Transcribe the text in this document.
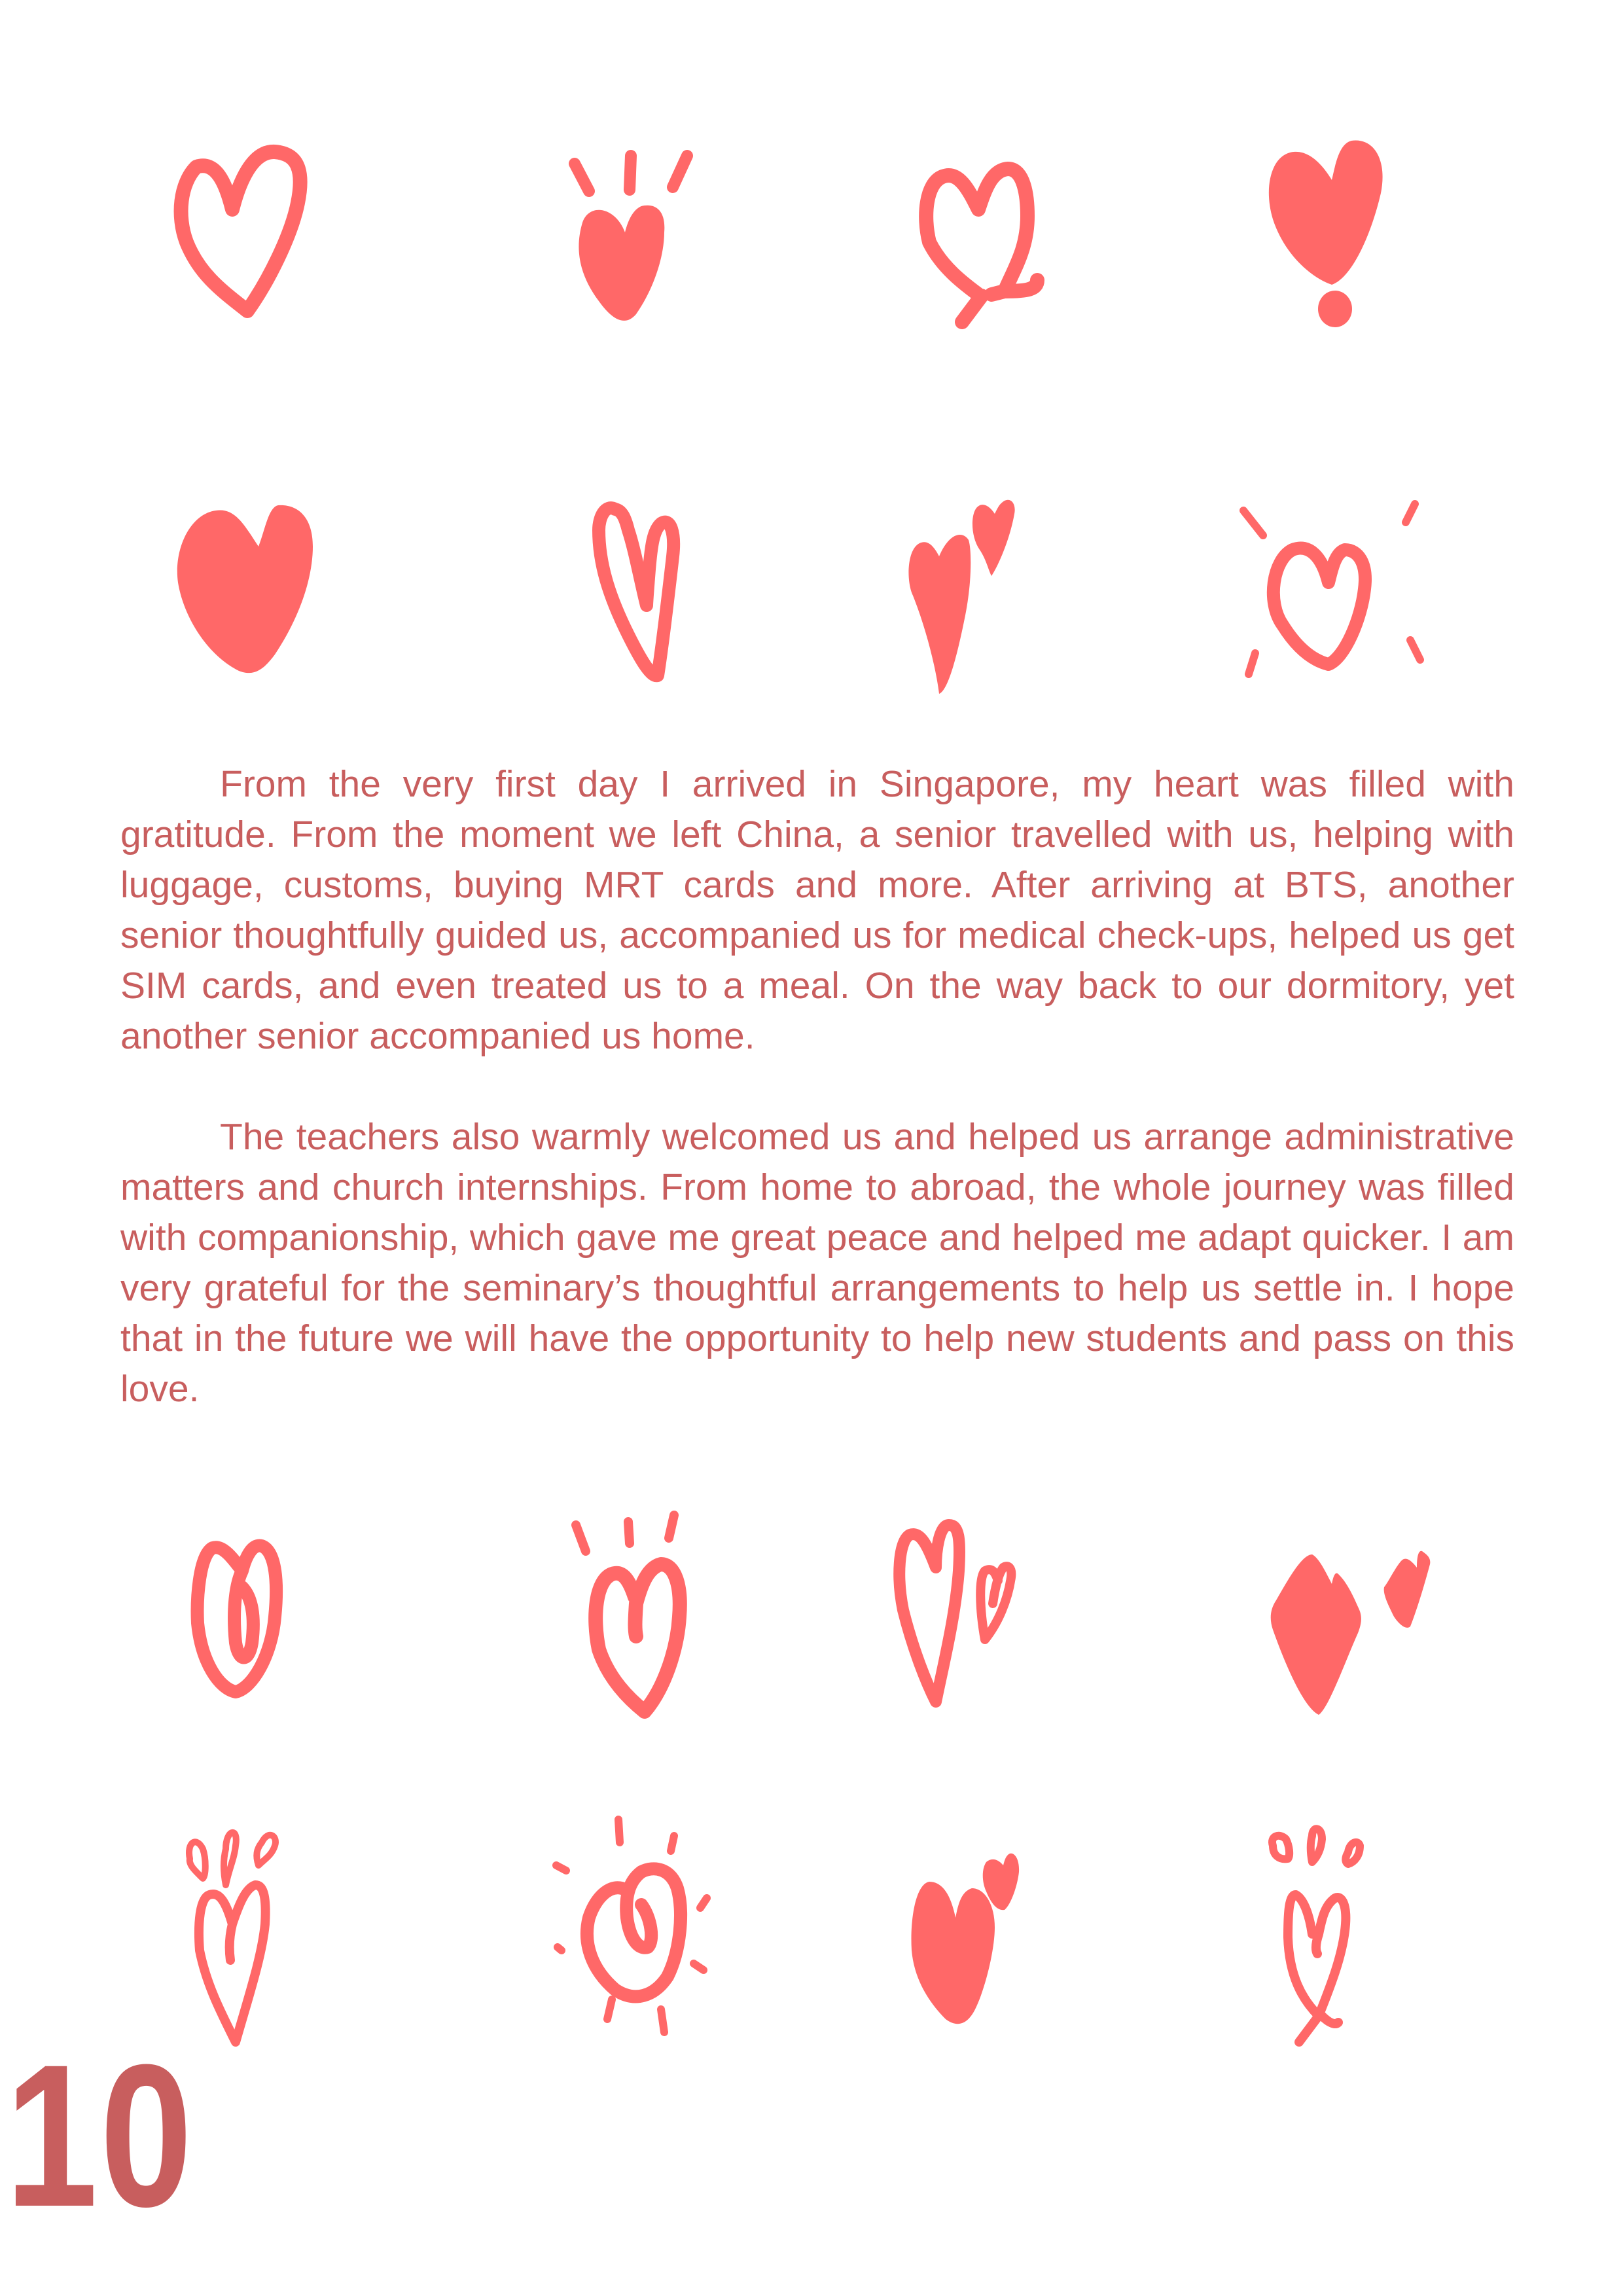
From the very first day I arrived in Singapore, my heart was filled with gratitude. From the moment we left China, a senior travelled with us, helping with luggage, customs, buying MRT cards and more. After arriving at BTS, another senior thoughtfully guided us, accompanied us for medical check-ups, helped us get SIM cards, and even treated us to a meal. On the way back to our dormitory, yet another senior accompanied us home.

The teachers also warmly welcomed us and helped us arrange administrative matters and church internships. From home to abroad, the whole journey was filled with companionship, which gave me great peace and helped me adapt quicker. I am very grateful for the seminary’s thoughtful arrangements to help us settle in. I hope that in the future we will have the opportunity to help new students and pass on this love.

10
